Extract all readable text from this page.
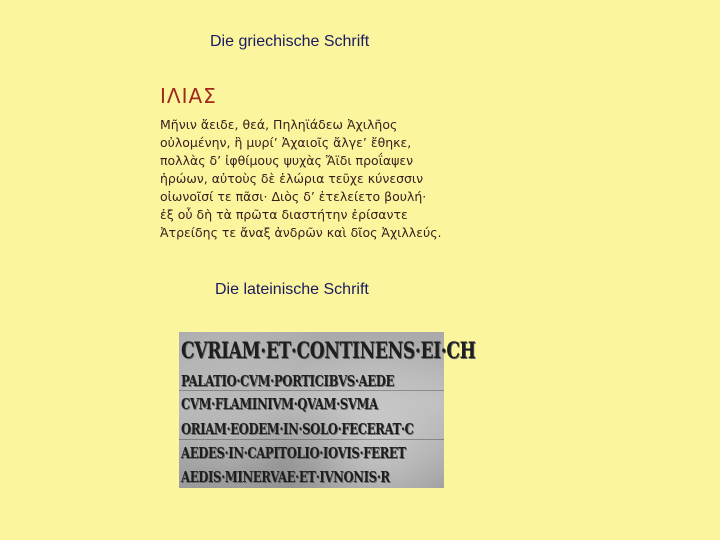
Die griechische Schrift
ΙΛΙΑΣ
Μῆνιν ἄειδε, θεά, Πηληϊάδεω Ἀχιλῆος
οὐλομένην, ἣ μυρί’ Ἀχαιοῖς ἄλγε’ ἔθηκε,
πολλὰς δ’ ἰφθίμους ψυχὰς Ἄϊδι προΐαψεν
ἡρώων, αὐτοὺς δὲ ἑλώρια τεῦχε κύνεσσιν
οἰωνοῖσί τε πᾶσι· Διὸς δ’ ἐτελείετο βουλή·
ἐξ οὗ δὴ τὰ πρῶτα διαστήτην ἐρίσαντε
Ἀτρείδης τε ἄναξ ἀνδρῶν καὶ δῖος Ἀχιλλεύς.
Die lateinische Schrift
CVRIAM·ET·CONTINENS·EI·CH
PALATIO·CVM·PORTICIBVS·AEDE
CVM·FLAMINIVM·QVAM·SVMA
ORIAM·EODEM·IN·SOLO·FECERAT·C
AEDES·IN·CAPITOLIO·IOVIS·FERET
AEDIS·MINERVAE·ET·IVNONIS·R
